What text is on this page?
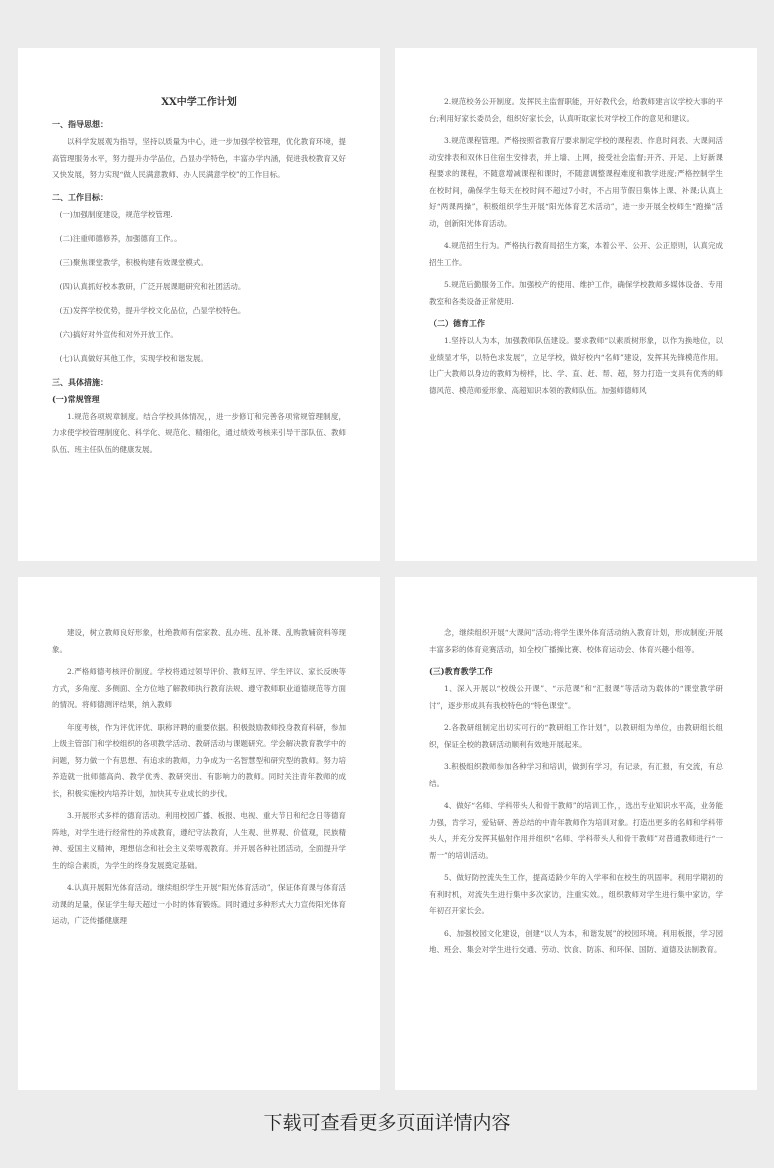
XX中学工作计划
一、指导思想：
以科学发展观为指导，坚持以质量为中心，进一步加强学校管理，优化教育环境，提高管理服务水平，努力提升办学品位，凸显办学特色，丰富办学内涵，促进我校教育又好又快发展，努力实现“做人民满意教师、办人民满意学校”的工作目标。
二、工作目标：
(一)加强制度建设，规范学校管理.
(二)注重师德修养，加强德育工作。。
(三)聚焦课堂教学，积极构建有效课堂模式。
(四)认真抓好校本教研，广泛开展课题研究和社团活动。
(五)发挥学校优势，提升学校文化品位，凸显学校特色。
(六)搞好对外宣传和对外开放工作。
(七)认真做好其他工作，实现学校和谐发展。
三、具体措施：
(一)常规管理
1.规范各项规章制度。结合学校具体情况，，进一步修订和完善各项常规管理制度，力求使学校管理制度化、科学化、规范化、精细化，通过绩效考核来引导干部队伍、教师队伍、班主任队伍的健康发展。
2.规范校务公开制度。发挥民主监督职能，开好教代会，给教师建言议学校大事的平台;利用好家长委员会，组织好家长会，认真听取家长对学校工作的意见和建议。
3.规范课程管理。严格按照省教育厅要求制定学校的课程表、作息时间表、大课间活动安排表和双休日住宿生安排表，并上墙、上网，接受社会监督;开齐、开足、上好新课程要求的课程，不随意增减课程和课时，不随意调整课程难度和教学进度;严格控制学生在校时间，确保学生每天在校时间不超过7小时，不占用节假日集体上课、补课;认真上好“两课两操”，积极组织学生开展“阳光体育艺术活动”，进一步开展全校师生“跑操”活动，创新阳光体育活动。
4.规范招生行为。严格执行教育局招生方案，本着公平、公开、公正原则，认真完成招生工作。
5.规范后勤服务工作。加强校产的使用、维护工作，确保学校教师多媒体设备、专用教室和各类设备正常使用.
（二）德育工作
1.坚持以人为本，加强教师队伍建设。要求教师“以素质树形象，以作为换地位，以业绩显才华，以特色求发展”，立足学校，做好校内“名师”建设，发挥其先锋模范作用。让广大教师以身边的教师为榜样，比、学、直、赶、帮、超，努力打造一支具有优秀的师德风范、模范师爱形象、高超知识本领的教师队伍。加强师德师风
建设，树立教师良好形象，杜绝教师有偿家教、乱办班、乱补课、乱购教辅资料等现象。
2.严格师德考核评价制度。学校将通过领导评价、教师互评、学生评议、家长反映等方式，多角度、多侧面、全方位地了解教师执行教育法规、遵守教师职业道德规范等方面的情况。将师德测评结果，纳入教师
年度考核，作为评优评优、职称评聘的重要依据。积极鼓励教师投身教育科研，参加上级主管部门和学校组织的各项教学活动、教研活动与课题研究。学会解决教育教学中的问题，努力做一个有思想、有追求的教师，力争成为一名智慧型和研究型的教师。努力培养造就一批师德高尚、教学优秀、教研突出、有影响力的教师。同时关注青年教师的成长，积极实施校内培养计划，加快其专业成长的步伐。
3.开展形式多样的德育活动。利用校园广播、板报、电视、重大节日和纪念日等德育阵地，对学生进行经常性的养成教育，遵纪守法教育，人生观、世界观、价值观，民族精神、爱国主义精神，理想信念和社会主义荣辱观教育。并开展各种社团活动，全面提升学生的综合素质，为学生的终身发展奠定基础。
4.认真开展阳光体育活动。继续组织学生开展“阳光体育活动”，保证体育课与体育活动课的足量，保证学生每天超过一小时的体育锻炼。同时通过多种形式大力宣传阳光体育运动，广泛传播健康理
念，继续组织开展“大课间”活动;将学生课外体育活动纳入教育计划，形成制度;开展丰富多彩的体育竞赛活动，如全校广播操比赛、校体育运动会、体育兴趣小组等。
(三)教育教学工作
1、深入开展以“校级公开课”、“示范课”和“汇报课”等活动为载体的“课堂教学研讨”，逐步形成具有我校特色的“特色课堂”。
2.各教研组制定出切实可行的“教研组工作计划”，以教研组为单位，由教研组长组织，保证全校的教研活动顺利有效地开展起来。
3.积极组织教师参加各种学习和培训，做到有学习，有记录，有汇报，有交流，有总结。
4、做好“名师、学科带头人和骨干教师”的培训工作，，选出专业知识水平高，业务能力强，肯学习，爱钻研、善总结的中青年教师作为培训对象。打造出更多的名师和学科带头人，并充分发挥其榀射作用并组织“名师、学科带头人和骨干教师”对普通教师进行“一帮一”的培训活动。
5、做好防控流失生工作，提高适龄少年的入学率和在校生的巩固率。利用学期初的有利时机，对流失生进行集中多次家访，注重实效。，组织教师对学生进行集中家访，学年初召开家长会。
6、加强校园文化建设，创建“以人为本，和谐发展”的校园环境。利用板报，学习园地、班会、集会对学生进行交通、劳动、饮食、防冻、和环保、国防、道德及法制教育。
下载可查看更多页面详情内容
